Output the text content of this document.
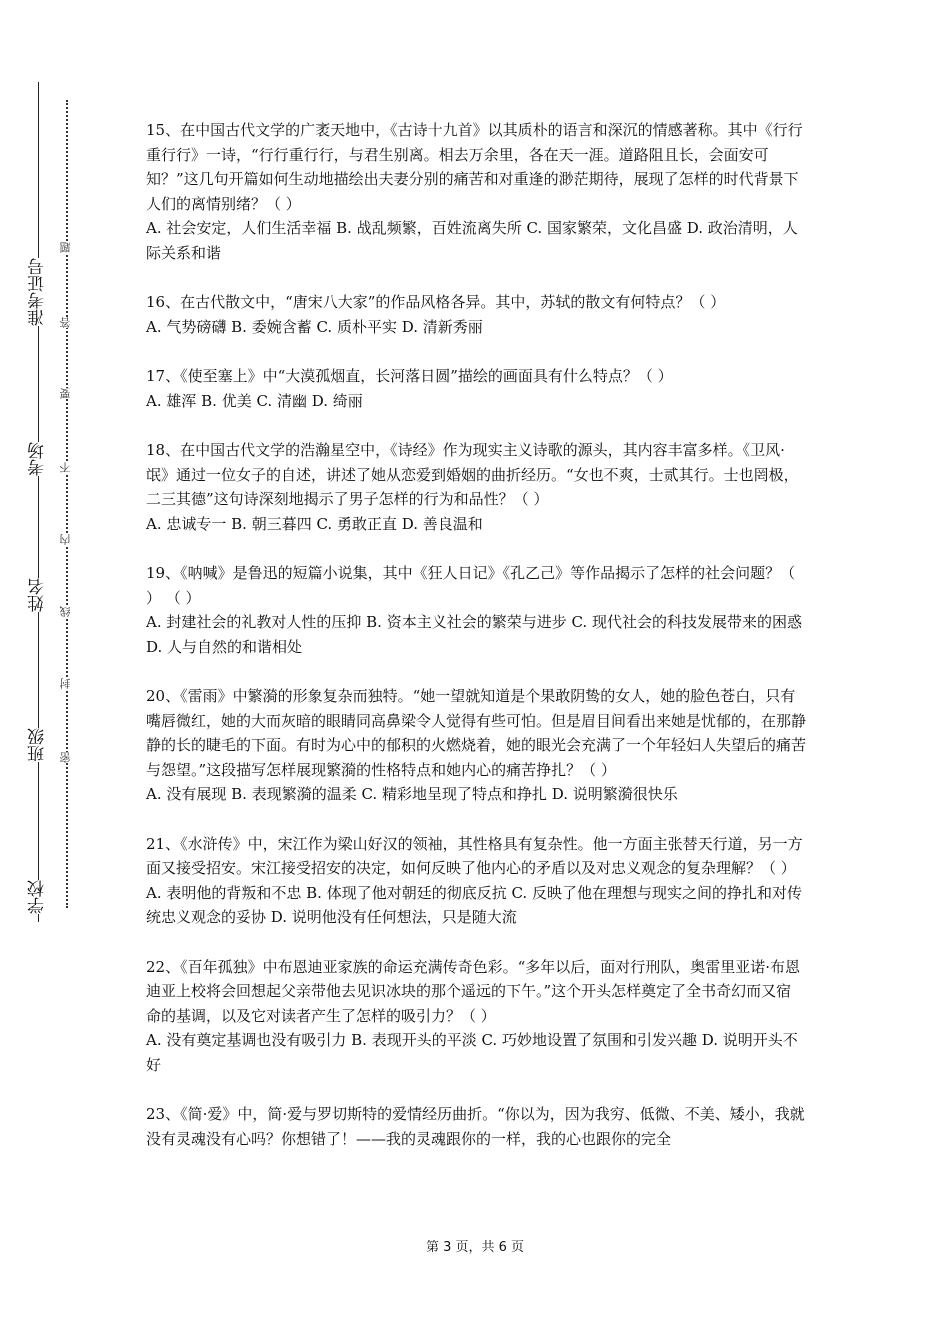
准考证号
考场
姓名
班级
学校
题
答
要
不
内
线
封
密

15、在中国古代文学的广袤天地中，《古诗十九首》以其质朴的语言和深沉的情感著称。其中《行行重行行》一诗，“行行重行行，与君生别离。相去万余里，各在天一涯。道路阻且长，会面安可知？”这几句开篇如何生动地描绘出夫妻分别的痛苦和对重逢的渺茫期待，展现了怎样的时代背景下人们的离情别绪？（ ）

A. 社会安定，人们生活幸福 B. 战乱频繁，百姓流离失所 C. 国家繁荣，文化昌盛 D. 政治清明，人际关系和谐

16、在古代散文中，“唐宋八大家”的作品风格各异。其中，苏轼的散文有何特点？（ ）

A. 气势磅礴 B. 委婉含蓄 C. 质朴平实 D. 清新秀丽

17、《使至塞上》中“大漠孤烟直，长河落日圆”描绘的画面具有什么特点？（ ）

A. 雄浑 B. 优美 C. 清幽 D. 绮丽

18、在中国古代文学的浩瀚星空中，《诗经》作为现实主义诗歌的源头，其内容丰富多样。《卫风·氓》通过一位女子的自述，讲述了她从恋爱到婚姻的曲折经历。“女也不爽，士贰其行。士也罔极，二三其德”这句诗深刻地揭示了男子怎样的行为和品性？（ ）

A. 忠诚专一 B. 朝三暮四 C. 勇敢正直 D. 善良温和

19、《呐喊》是鲁迅的短篇小说集，其中《狂人日记》《孔乙己》等作品揭示了怎样的社会问题？（ ） （ ）

A. 封建社会的礼教对人性的压抑 B. 资本主义社会的繁荣与进步 C. 现代社会的科技发展带来的困惑 D. 人与自然的和谐相处

20、《雷雨》中繁漪的形象复杂而独特。“她一望就知道是个果敢阴鸷的女人，她的脸色苍白，只有嘴唇微红，她的大而灰暗的眼睛同高鼻梁令人觉得有些可怕。但是眉目间看出来她是忧郁的，在那静静的长的睫毛的下面。有时为心中的郁积的火燃烧着，她的眼光会充满了一个年轻妇人失望后的痛苦与怨望。”这段描写怎样展现繁漪的性格特点和她内心的痛苦挣扎？（ ）

A. 没有展现 B. 表现繁漪的温柔 C. 精彩地呈现了特点和挣扎 D. 说明繁漪很快乐

21、《水浒传》中，宋江作为梁山好汉的领袖，其性格具有复杂性。他一方面主张替天行道，另一方面又接受招安。宋江接受招安的决定，如何反映了他内心的矛盾以及对忠义观念的复杂理解？（ ）

A. 表明他的背叛和不忠 B. 体现了他对朝廷的彻底反抗 C. 反映了他在理想与现实之间的挣扎和对传统忠义观念的妥协 D. 说明他没有任何想法，只是随大流

22、《百年孤独》中布恩迪亚家族的命运充满传奇色彩。“多年以后，面对行刑队，奥雷里亚诺·布恩迪亚上校将会回想起父亲带他去见识冰块的那个遥远的下午。”这个开头怎样奠定了全书奇幻而又宿命的基调，以及它对读者产生了怎样的吸引力？（ ）

A. 没有奠定基调也没有吸引力 B. 表现开头的平淡 C. 巧妙地设置了氛围和引发兴趣 D. 说明开头不好

23、《简·爱》中，简·爱与罗切斯特的爱情经历曲折。“你以为，因为我穷、低微、不美、矮小，我就没有灵魂没有心吗？你想错了！——我的灵魂跟你的一样，我的心也跟你的完全

第 3 页，共 6 页
